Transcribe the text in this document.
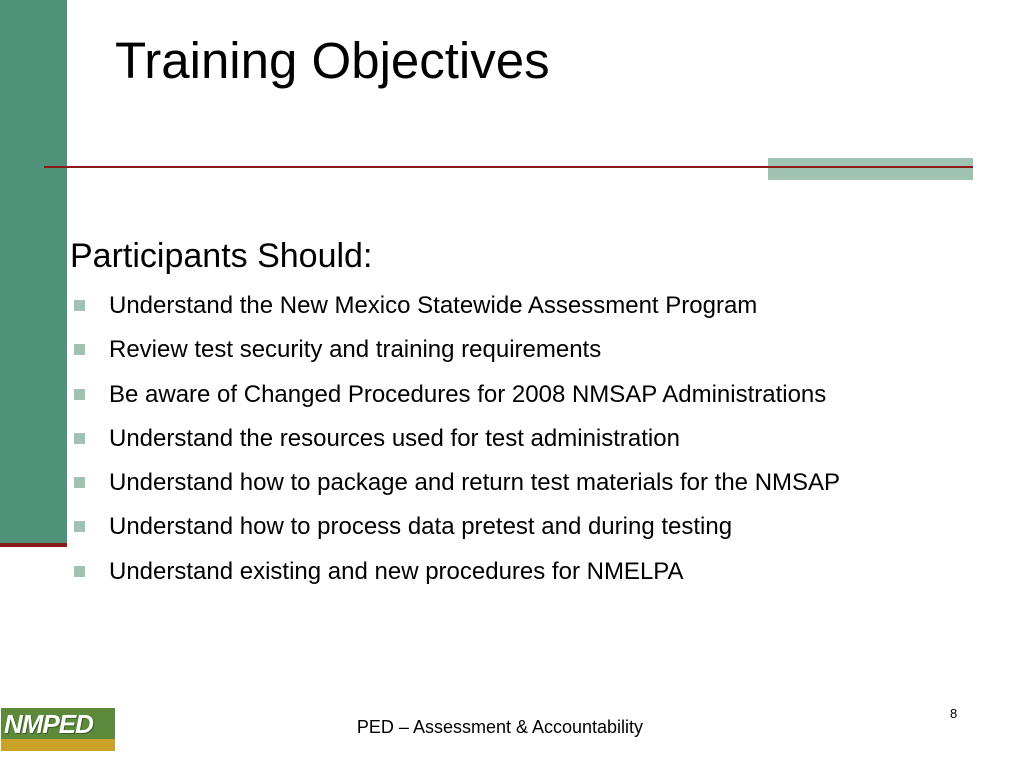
Training Objectives
Participants Should:
Understand the New Mexico Statewide Assessment Program
Review test security and training requirements
Be aware of Changed Procedures for 2008 NMSAP Administrations
Understand the resources used for test administration
Understand how to package and return test materials for the NMSAP
Understand how to process data pretest and during testing
Understand existing and new procedures for NMELPA
NMPED	PED – Assessment & Accountability
8
